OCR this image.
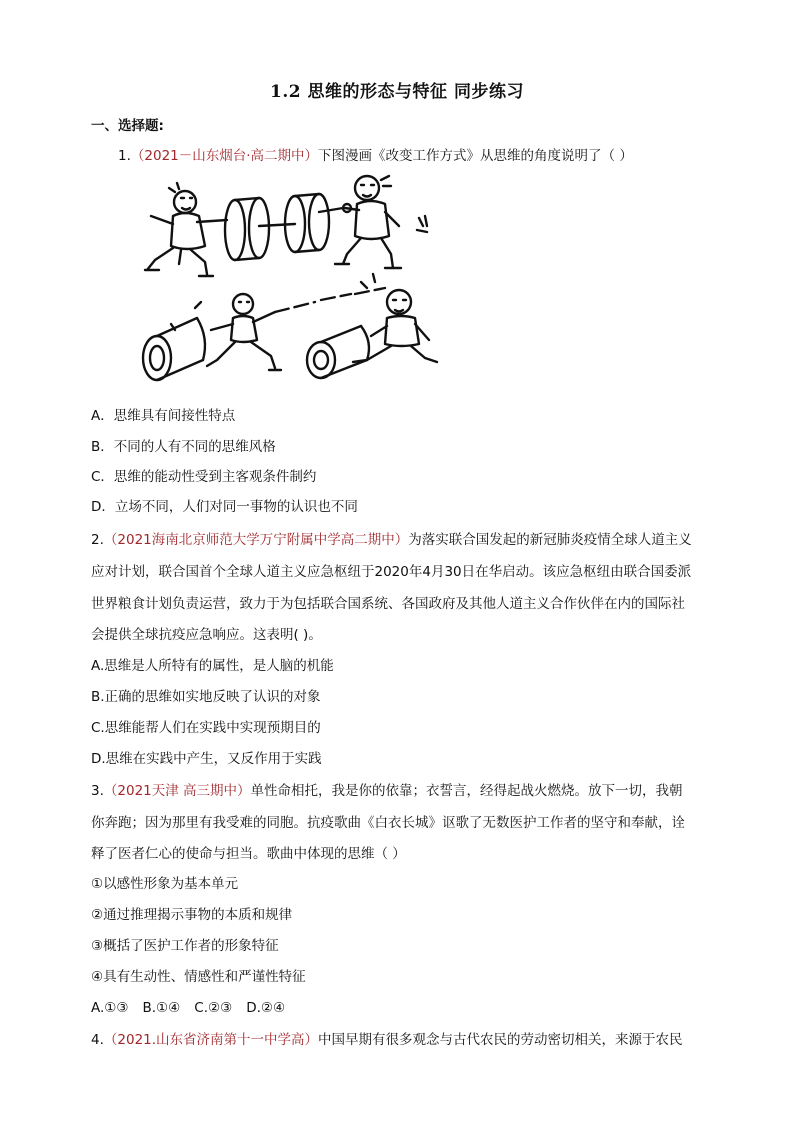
1.2 思维的形态与特征 同步练习
一、选择题:
1.（2021－山东烟台·高二期中）下图漫画《改变工作方式》从思维的角度说明了（ ）
A．思维具有间接性特点
B．不同的人有不同的思维风格
C．思维的能动性受到主客观条件制约
D．立场不同，人们对同一事物的认识也不同
2.（2021海南北京师范大学万宁附属中学高二期中）为落实联合国发起的新冠肺炎疫情全球人道主义
应对计划，联合国首个全球人道主义应急枢纽于2020年4月30日在华启动。该应急枢纽由联合国委派
世界粮食计划负责运营，致力于为包括联合国系统、各国政府及其他人道主义合作伙伴在内的国际社
会提供全球抗疫应急响应。这表明( )。
A.思维是人所特有的属性，是人脑的机能
B.正确的思维如实地反映了认识的对象
C.思维能帮人们在实践中实现预期目的
D.思维在实践中产生，又反作用于实践
3.（2021天津 高三期中）单性命相托，我是你的依靠；衣誓言，经得起战火燃烧。放下一切，我朝
你奔跑；因为那里有我受难的同胞。抗疫歌曲《白衣长城》讴歌了无数医护工作者的坚守和奉献，诠
释了医者仁心的使命与担当。歌曲中体现的思维（ ）
①以感性形象为基本单元
②通过推理揭示事物的本质和规律
③概括了医护工作者的形象特征
④具有生动性、情感性和严谨性特征
A.①③ B.①④ C.②③ D.②④
4.（2021.山东省济南第十一中学高）中国早期有很多观念与古代农民的劳动密切相关，来源于农民
